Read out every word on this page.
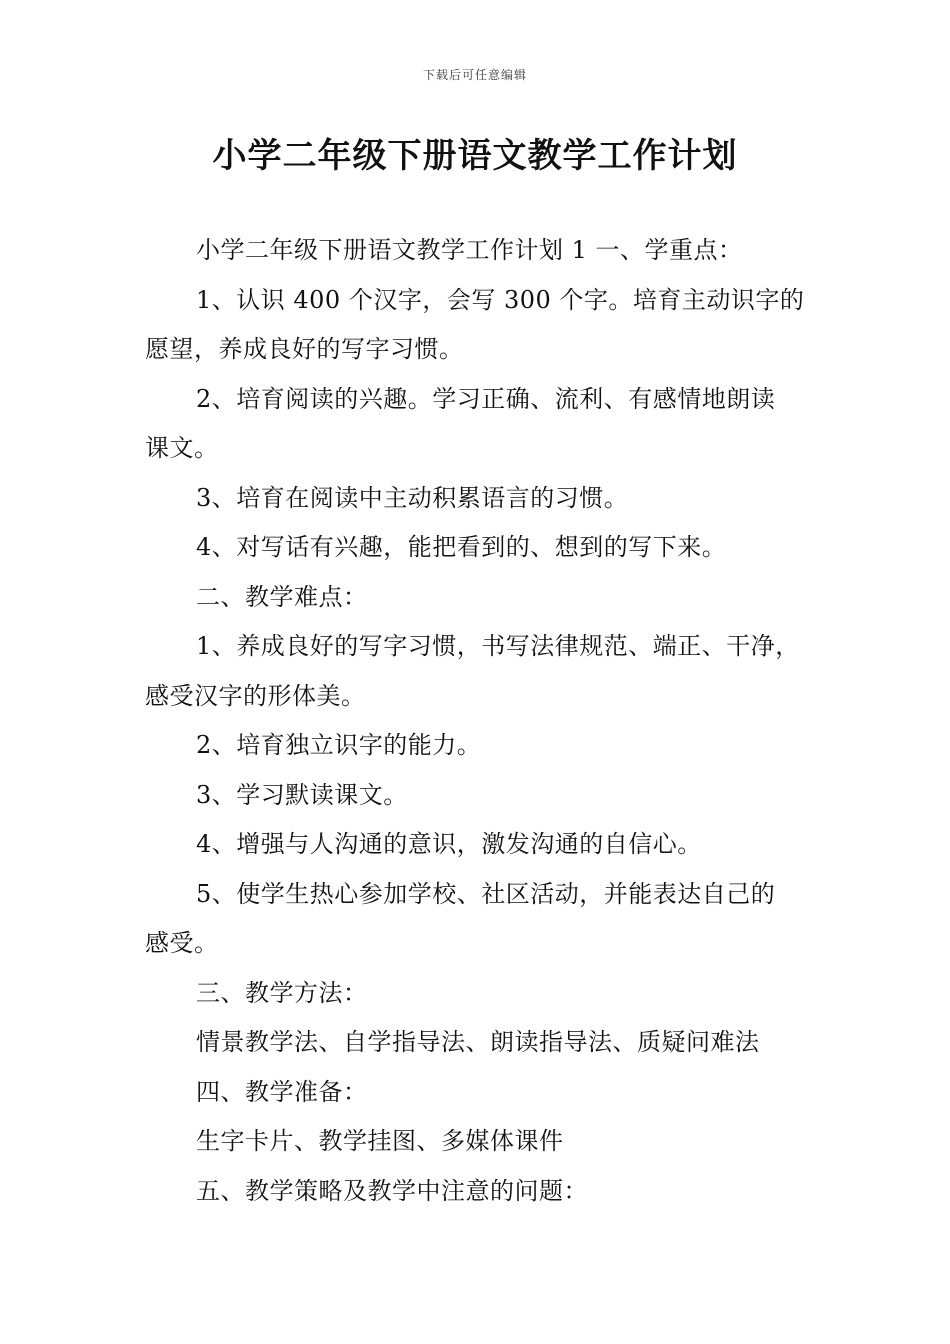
下载后可任意编辑
小学二年级下册语文教学工作计划

小学二年级下册语文教学工作计划 1 一、学重点：

1、认识 400 个汉字，会写 300 个字。培育主动识字的

愿望，养成良好的写字习惯。

2、培育阅读的兴趣。学习正确、流利、有感情地朗读

课文。

3、培育在阅读中主动积累语言的习惯。

4、对写话有兴趣，能把看到的、想到的写下来。

二、教学难点：

1、养成良好的写字习惯，书写法律规范、端正、干净，

感受汉字的形体美。

2、培育独立识字的能力。

3、学习默读课文。

4、增强与人沟通的意识，激发沟通的自信心。

5、使学生热心参加学校、社区活动，并能表达自己的

感受。

三、教学方法：

情景教学法、自学指导法、朗读指导法、质疑问难法

四、教学准备：

生字卡片、教学挂图、多媒体课件

五、教学策略及教学中注意的问题：
